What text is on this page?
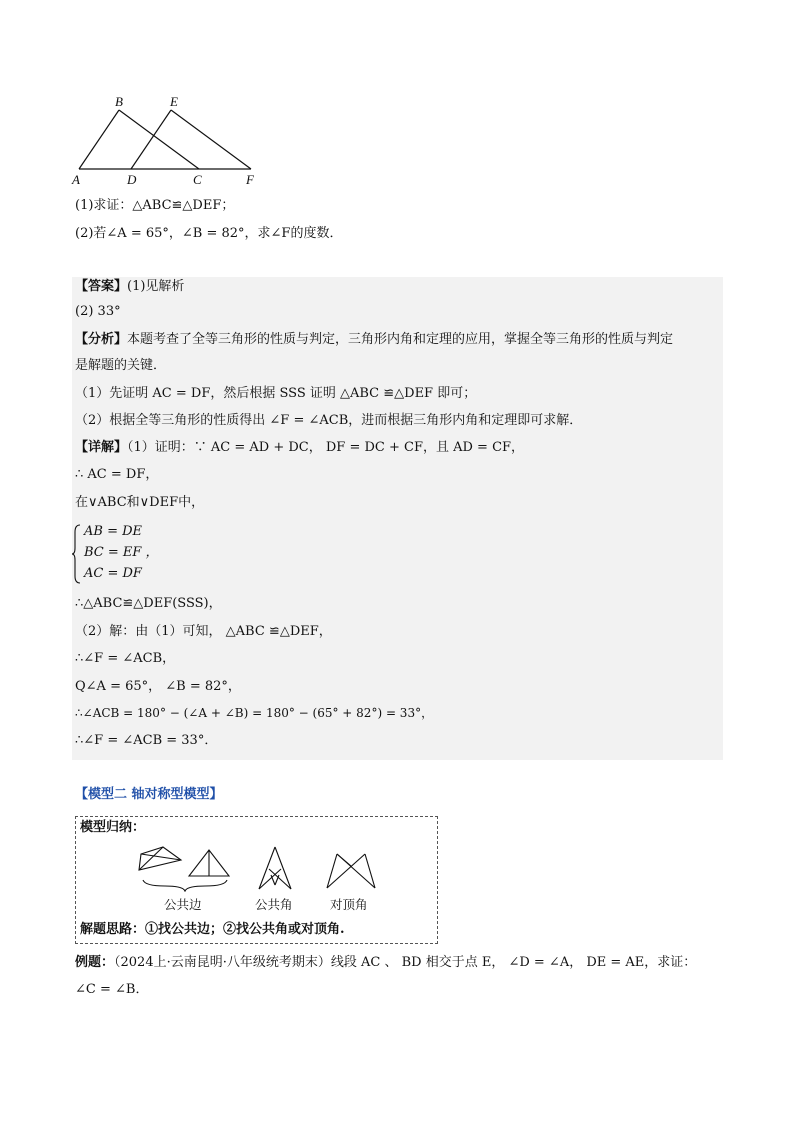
B	E
A	D	C	F
(1)求证：△ABC≌△DEF；
(2)若∠A = 65°，∠B = 82°，求∠F的度数．
【答案】(1)见解析
(2) 33°
【分析】本题考查了全等三角形的性质与判定，三角形内角和定理的应用，掌握全等三角形的性质与判定
是解题的关键．
（1）先证明 AC = DF，然后根据 SSS 证明 △ABC ≌△DEF 即可；
（2）根据全等三角形的性质得出 ∠F = ∠ACB，进而根据三角形内角和定理即可求解．
【详解】（1）证明：∵ AC = AD + DC， DF = DC + CF，且 AD = CF，
∴ AC = DF，
在∨ABC和∨DEF中，
AB = DE
BC = EF ，
AC = DF
∴△ABC≌△DEF(SSS)，
（2）解：由（1）可知， △ABC ≌△DEF，
∴∠F = ∠ACB，
Q∠A = 65°， ∠B = 82°，
∴∠ACB = 180° − (∠A + ∠B) = 180° − (65° + 82°) = 33°，
∴∠F = ∠ACB = 33°．
【模型二 轴对称型模型】
模型归纳：
公共边	公共角	对顶角
解题思路：①找公共边；②找公共角或对顶角.
例题：（2024上·云南昆明·八年级统考期末）线段 AC 、 BD 相交于点 E， ∠D = ∠A， DE = AE，求证：
∠C = ∠B．
